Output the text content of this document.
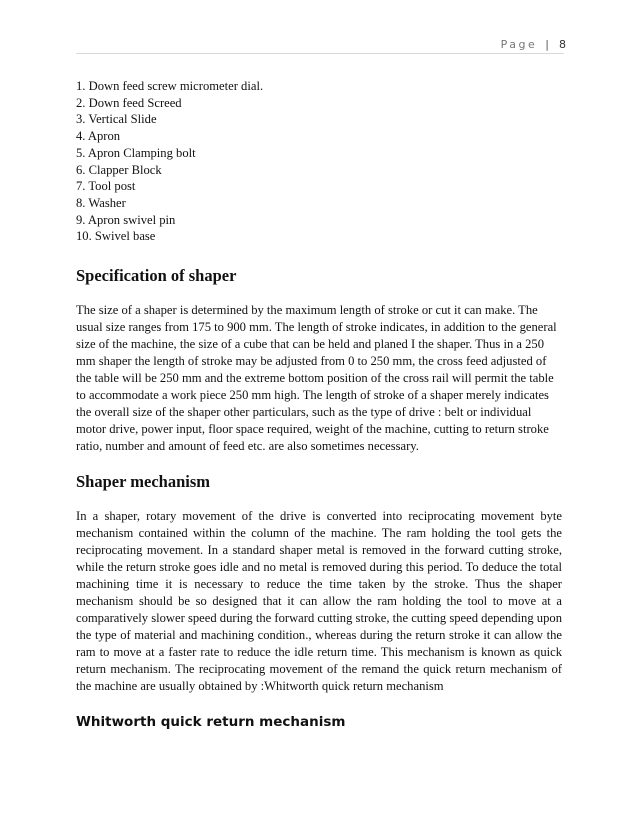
Page | 8
1. Down feed screw micrometer dial.
2. Down feed Screed
3. Vertical Slide
4. Apron
5. Apron Clamping bolt
6. Clapper Block
7. Tool post
8. Washer
9. Apron swivel pin
10. Swivel base
Specification of shaper

The size of a shaper is determined by the maximum length of stroke or cut it can make. The usual size ranges from 175 to 900 mm. The length of stroke indicates, in addition to the general size of the machine, the size of a cube that can be held and planed I the shaper. Thus in a 250 mm shaper the length of stroke may be adjusted from 0 to 250 mm, the cross feed adjusted of the table will be 250 mm and the extreme bottom position of the cross rail will permit the table to accommodate a work piece 250 mm high. The length of stroke of a shaper merely indicates the overall size of the shaper other particulars, such as the type of drive : belt or individual motor drive, power input, floor space required, weight of the machine, cutting to return stroke ratio, number and amount of feed etc. are also sometimes necessary.

Shaper mechanism

In a shaper, rotary movement of the drive is converted into reciprocating movement byte mechanism contained within the column of the machine. The ram holding the tool gets the reciprocating movement. In a standard shaper metal is removed in the forward cutting stroke, while the return stroke goes idle and no metal is removed during this period. To deduce the total machining time it is necessary to reduce the time taken by the stroke. Thus the shaper mechanism should be so designed that it can allow the ram holding the tool to move at a comparatively slower speed during the forward cutting stroke, the cutting speed depending upon the type of material and machining condition., whereas during the return stroke it can allow the ram to move at a faster rate to reduce the idle return time. This mechanism is known as quick return mechanism. The reciprocating movement of the remand the quick return mechanism of the machine are usually obtained by :Whitworth quick return mechanism

Whitworth quick return mechanism
